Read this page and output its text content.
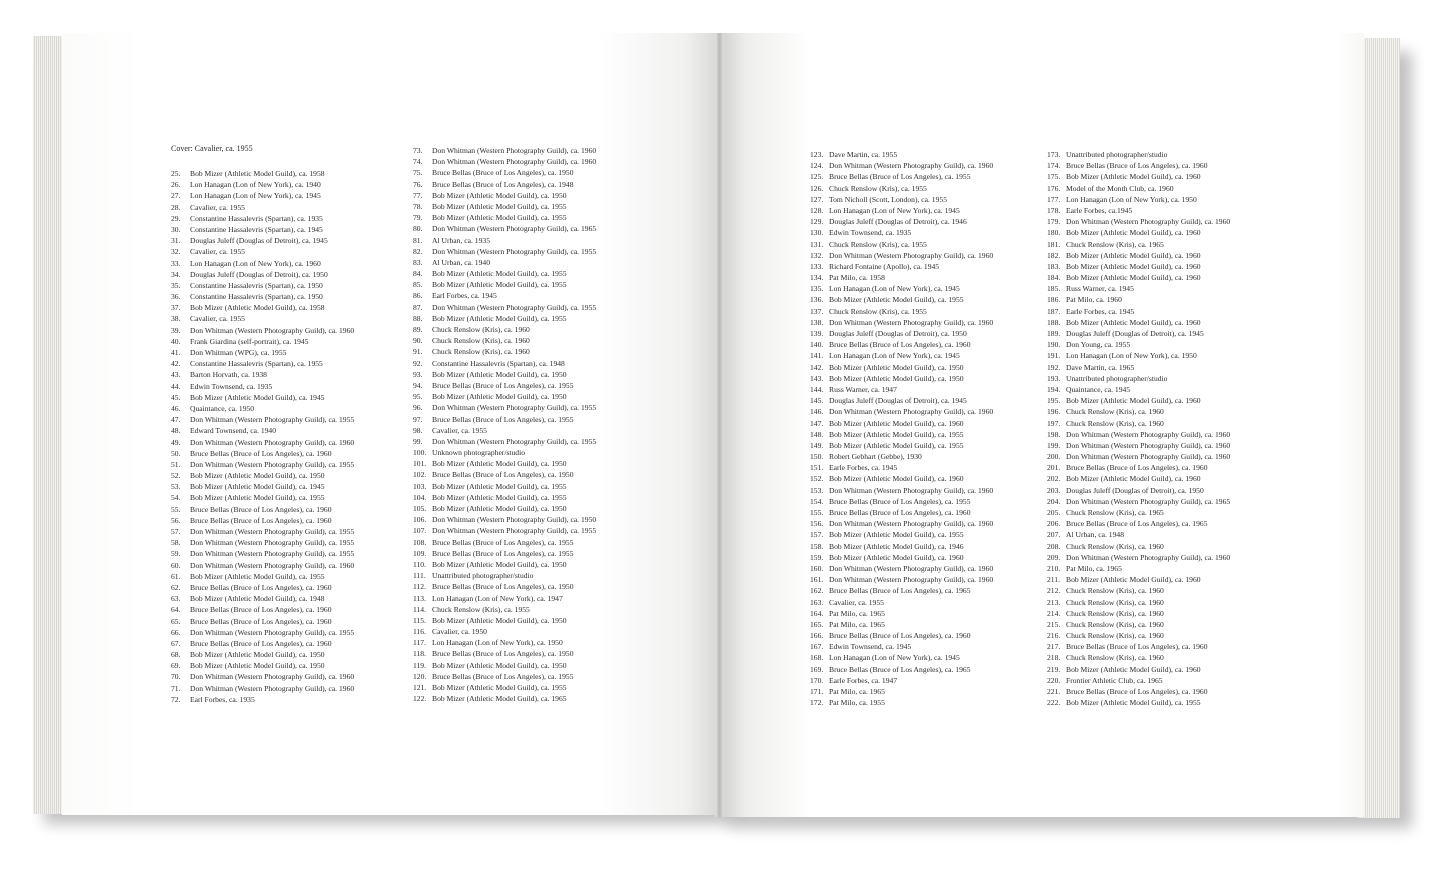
Cover: Cavalier, ca. 1955
25. Bob Mizer (Athletic Model Guild), ca. 1958
26. Lon Hanagan (Lon of New York), ca. 1940
27. Lon Hanagan (Lon of New York), ca. 1945
28. Cavalier, ca. 1955
29. Constantine Hassalevris (Spartan), ca. 1935
30. Constantine Hassalevris (Spartan), ca. 1945
31. Douglas Juleff (Douglas of Detroit), ca. 1945
32. Cavalier, ca. 1955
33. Lon Hanagan (Lon of New York), ca. 1960
34. Douglas Juleff (Douglas of Detroit), ca. 1950
35. Constantine Hassalevris (Spartan), ca. 1950
36. Constantine Hassalevris (Spartan), ca. 1950
37. Bob Mizer (Athletic Model Guild), ca. 1958
38. Cavalier, ca. 1955
39. Don Whitman (Western Photography Guild), ca. 1960
40. Frank Giardina (self-portrait), ca. 1945
41. Don Whitman (WPG), ca. 1955
42. Constantine Hassalevris (Spartan), ca. 1955
43. Barton Horvath, ca. 1938
44. Edwin Townsend, ca. 1935
45. Bob Mizer (Athletic Model Guild), ca. 1945
46. Quaintance, ca. 1950
47. Don Whitman (Western Photography Guild), ca. 1955
48. Edward Townsend, ca. 1940
49. Don Whitman (Western Photography Guild), ca. 1960
50. Bruce Bellas (Bruce of Los Angeles), ca. 1960
51. Don Whitman (Western Photography Guild), ca. 1955
52. Bob Mizer (Athletic Model Guild), ca. 1950
53. Bob Mizer (Athletic Model Guild), ca. 1945
54. Bob Mizer (Athletic Model Guild), ca. 1955
55. Bruce Bellas (Bruce of Los Angeles), ca. 1960
56. Bruce Bellas (Bruce of Los Angeles), ca. 1960
57. Don Whitman (Western Photography Guild), ca. 1955
58. Don Whitman (Western Photography Guild), ca. 1955
59. Don Whitman (Western Photography Guild), ca. 1955
60. Don Whitman (Western Photography Guild), ca. 1960
61. Bob Mizer (Athletic Model Guild), ca. 1955
62. Bruce Bellas (Bruce of Los Angeles), ca. 1960
63. Bob Mizer (Athletic Model Guild), ca. 1948
64. Bruce Bellas (Bruce of Los Angeles), ca. 1960
65. Bruce Bellas (Bruce of Los Angeles), ca. 1960
66. Don Whitman (Western Photography Guild), ca. 1955
67. Bruce Bellas (Bruce of Los Angeles), ca. 1960
68. Bob Mizer (Athletic Model Guild), ca. 1950
69. Bob Mizer (Athletic Model Guild), ca. 1950
70. Don Whitman (Western Photography Guild), ca. 1960
71. Don Whitman (Western Photography Guild), ca. 1960
72. Earl Forbes, ca. 1935
73. Don Whitman (Western Photography Guild), ca. 1960
74. Don Whitman (Western Photography Guild), ca. 1960
75. Bruce Bellas (Bruce of Los Angeles), ca. 1950
76. Bruce Bellas (Bruce of Los Angeles), ca. 1948
77. Bob Mizer (Athletic Model Guild), ca. 1950
78. Bob Mizer (Athletic Model Guild), ca. 1955
79. Bob Mizer (Athletic Model Guild), ca. 1955
80. Don Whitman (Western Photography Guild), ca. 1965
81. Al Urban, ca. 1935
82. Don Whitman (Western Photography Guild), ca. 1955
83. Al Urban, ca. 1940
84. Bob Mizer (Athletic Model Guild), ca. 1955
85. Bob Mizer (Athletic Model Guild), ca. 1955
86. Earl Forbes, ca. 1945
87. Don Whitman (Western Photography Guild), ca. 1955
88. Bob Mizer (Athletic Model Guild), ca. 1955
89. Chuck Renslow (Kris), ca. 1960
90. Chuck Renslow (Kris), ca. 1960
91. Chuck Renslow (Kris), ca. 1960
92. Constantine Hassalevris (Spartan), ca. 1948
93. Bob Mizer (Athletic Model Guild), ca. 1950
94. Bruce Bellas (Bruce of Los Angeles), ca. 1955
95. Bob Mizer (Athletic Model Guild), ca. 1950
96. Don Whitman (Western Photography Guild), ca. 1955
97. Bruce Bellas (Bruce of Los Angeles), ca. 1955
98. Cavalier, ca. 1955
99. Don Whitman (Western Photography Guild), ca. 1955
100. Unknown photographer/studio
101. Bob Mizer (Athletic Model Guild), ca. 1950
102. Bruce Bellas (Bruce of Los Angeles), ca. 1950
103. Bob Mizer (Athletic Model Guild), ca. 1955
104. Bob Mizer (Athletic Model Guild), ca. 1955
105. Bob Mizer (Athletic Model Guild), ca. 1950
106. Don Whitman (Western Photography Guild), ca. 1950
107. Don Whitman (Western Photography Guild), ca. 1955
108. Bruce Bellas (Bruce of Los Angeles), ca. 1955
109. Bruce Bellas (Bruce of Los Angeles), ca. 1955
110. Bob Mizer (Athletic Model Guild), ca. 1950
111. Unattributed photographer/studio
112. Bruce Bellas (Bruce of Los Angeles), ca. 1950
113. Lon Hanagan (Lon of New York), ca. 1947
114. Chuck Renslow (Kris), ca. 1955
115. Bob Mizer (Athletic Model Guild), ca. 1950
116. Cavalier, ca. 1950
117. Lon Hanagan (Lon of New York), ca. 1950
118. Bruce Bellas (Bruce of Los Angeles), ca. 1950
119. Bob Mizer (Athletic Model Guild), ca. 1950
120. Bruce Bellas (Bruce of Los Angeles), ca. 1955
121. Bob Mizer (Athletic Model Guild), ca. 1955
122. Bob Mizer (Athletic Model Guild), ca. 1965
123. Dave Martin, ca. 1955
124. Don Whitman (Western Photography Guild), ca. 1960
125. Bruce Bellas (Bruce of Los Angeles), ca. 1955
126. Chuck Renslow (Kris), ca. 1955
127. Tom Nicholl (Scott, London), ca. 1955
128. Lon Hanagan (Lon of New York), ca. 1945
129. Douglas Juleff (Douglas of Detroit), ca. 1946
130. Edwin Townsend, ca. 1935
131. Chuck Renslow (Kris), ca. 1955
132. Don Whitman (Western Photography Guild), ca. 1960
133. Richard Fontaine (Apollo), ca. 1945
134. Pat Milo, ca. 1958
135. Lon Hanagan (Lon of New York), ca. 1945
136. Bob Mizer (Athletic Model Guild), ca. 1955
137. Chuck Renslow (Kris), ca. 1955
138. Don Whitman (Western Photography Guild), ca. 1960
139. Douglas Juleff (Douglas of Detroit), ca. 1950
140. Bruce Bellas (Bruce of Los Angeles), ca. 1960
141. Lon Hanagan (Lon of New York), ca. 1945
142. Bob Mizer (Athletic Model Guild), ca. 1950
143. Bob Mizer (Athletic Model Guild), ca. 1950
144. Russ Warner, ca. 1947
145. Douglas Juleff (Douglas of Detroit), ca. 1945
146. Don Whitman (Western Photography Guild), ca. 1960
147. Bob Mizer (Athletic Model Guild), ca. 1960
148. Bob Mizer (Athletic Model Guild), ca. 1955
149. Bob Mizer (Athletic Model Guild), ca. 1955
150. Robert Gebhart (Gebbe), 1930
151. Earle Forbes, ca. 1945
152. Bob Mizer (Athletic Model Guild), ca. 1960
153. Don Whitman (Western Photography Guild), ca. 1960
154. Bruce Bellas (Bruce of Los Angeles), ca. 1955
155. Bruce Bellas (Bruce of Los Angeles), ca. 1960
156. Don Whitman (Western Photography Guild), ca. 1960
157. Bob Mizer (Athletic Model Guild), ca. 1955
158. Bob Mizer (Athletic Model Guild), ca. 1946
159. Bob Mizer (Athletic Model Guild), ca. 1960
160. Don Whitman (Western Photography Guild), ca. 1960
161. Don Whitman (Western Photography Guild), ca. 1960
162. Bruce Bellas (Bruce of Los Angeles), ca. 1965
163. Cavalier, ca. 1955
164. Pat Milo, ca. 1965
165. Pat Milo, ca. 1965
166. Bruce Bellas (Bruce of Los Angeles), ca. 1960
167. Edwin Townsend, ca. 1945
168. Lon Hanagan (Lon of New York), ca. 1945
169. Bruce Bellas (Bruce of Los Angeles), ca. 1965
170. Earle Forbes, ca. 1947
171. Pat Milo, ca. 1965
172. Pat Milo, ca. 1955
173. Unattributed photographer/studio
174. Bruce Bellas (Bruce of Los Angeles), ca. 1960
175. Bob Mizer (Athletic Model Guild), ca. 1960
176. Model of the Month Club, ca. 1960
177. Lon Hanagan (Lon of New York), ca. 1950
178. Earle Forbes, ca.1945
179. Don Whitman (Western Photography Guild), ca. 1960
180. Bob Mizer (Athletic Model Guild), ca. 1960
181. Chuck Renslow (Kris), ca. 1965
182. Bob Mizer (Athletic Model Guild), ca. 1960
183. Bob Mizer (Athletic Model Guild), ca. 1960
184. Bob Mizer (Athletic Model Guild), ca. 1960
185. Russ Warner, ca. 1945
186. Pat Milo, ca. 1960
187. Earle Forbes, ca. 1945
188. Bob Mizer (Athletic Model Guild), ca. 1960
189. Douglas Juleff (Douglas of Detroit), ca. 1945
190. Don Young, ca. 1955
191. Lon Hanagan (Lon of New York), ca. 1950
192. Dave Martin, ca. 1965
193. Unattributed photographer/studio
194. Quaintance, ca. 1945
195. Bob Mizer (Athletic Model Guild), ca. 1960
196. Chuck Renslow (Kris), ca. 1960
197. Chuck Renslow (Kris), ca. 1960
198. Don Whitman (Western Photography Guild), ca. 1960
199. Don Whitman (Western Photography Guild), ca. 1960
200. Don Whitman (Western Photography Guild), ca. 1960
201. Bruce Bellas (Bruce of Los Angeles), ca. 1960
202. Bob Mizer (Athletic Model Guild), ca. 1960
203. Douglas Juleff (Douglas of Detroit), ca. 1950
204. Don Whitman (Western Photography Guild), ca. 1965
205. Chuck Renslow (Kris), ca. 1965
206. Bruce Bellas (Bruce of Los Angeles), ca. 1965
207. Al Urban, ca. 1948
208. Chuck Renslow (Kris), ca. 1960
209. Don Whitman (Western Photography Guild), ca. 1960
210. Pat Milo, ca. 1965
211. Bob Mizer (Athletic Model Guild), ca. 1960
212. Chuck Renslow (Kris), ca. 1960
213. Chuck Renslow (Kris), ca. 1960
214. Chuck Renslow (Kris), ca. 1960
215. Chuck Renslow (Kris), ca. 1960
216. Chuck Renslow (Kris), ca. 1960
217. Bruce Bellas (Bruce of Los Angeles), ca. 1960
218. Chuck Renslow (Kris), ca. 1960
219. Bob Mizer (Athletic Model Guild), ca. 1960
220. Frontier Athletic Club, ca. 1965
221. Bruce Bellas (Bruce of Los Angeles), ca. 1960
222. Bob Mizer (Athletic Model Guild), ca. 1955
